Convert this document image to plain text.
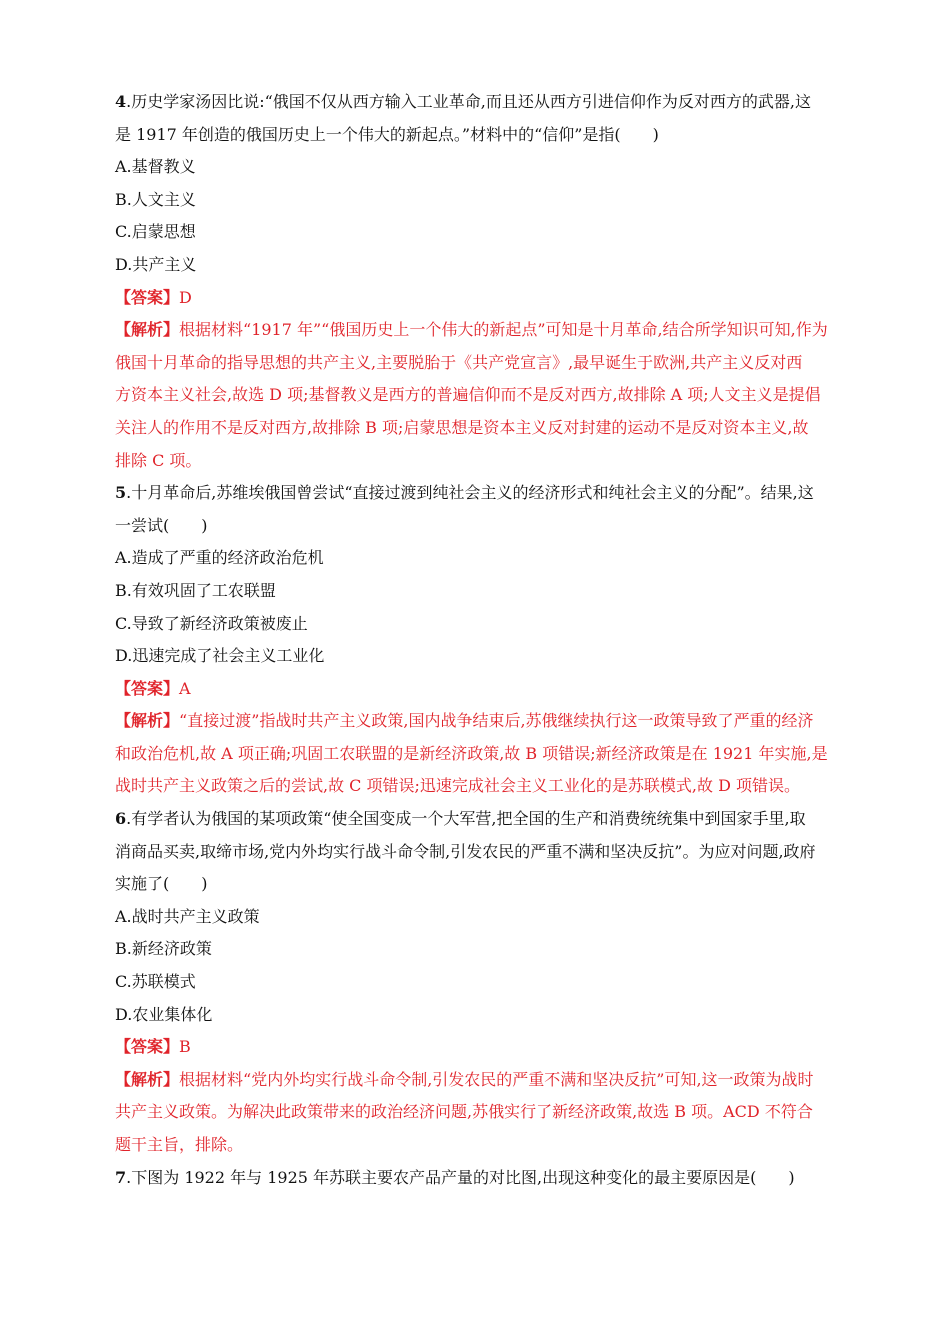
4.历史学家汤因比说:“俄国不仅从西方输入工业革命,而且还从西方引进信仰作为反对西方的武器,这
是 1917 年创造的俄国历史上一个伟大的新起点。”材料中的“信仰”是指(　　)
A.基督教义
B.人文主义
C.启蒙思想
D.共产主义
【答案】D
【解析】根据材料“1917 年”“俄国历史上一个伟大的新起点”可知是十月革命,结合所学知识可知,作为
俄国十月革命的指导思想的共产主义,主要脱胎于《共产党宣言》,最早诞生于欧洲,共产主义反对西
方资本主义社会,故选 D 项;基督教义是西方的普遍信仰而不是反对西方,故排除 A 项;人文主义是提倡
关注人的作用不是反对西方,故排除 B 项;启蒙思想是资本主义反对封建的运动不是反对资本主义,故
排除 C 项。
5.十月革命后,苏维埃俄国曾尝试“直接过渡到纯社会主义的经济形式和纯社会主义的分配”。结果,这
一尝试(　　)
A.造成了严重的经济政治危机
B.有效巩固了工农联盟
C.导致了新经济政策被废止
D.迅速完成了社会主义工业化
【答案】A
【解析】“直接过渡”指战时共产主义政策,国内战争结束后,苏俄继续执行这一政策导致了严重的经济
和政治危机,故 A 项正确;巩固工农联盟的是新经济政策,故 B 项错误;新经济政策是在 1921 年实施,是
战时共产主义政策之后的尝试,故 C 项错误;迅速完成社会主义工业化的是苏联模式,故 D 项错误。
6.有学者认为俄国的某项政策“使全国变成一个大军营,把全国的生产和消费统统集中到国家手里,取
消商品买卖,取缔市场,党内外均实行战斗命令制,引发农民的严重不满和坚决反抗”。为应对问题,政府
实施了(　　)
A.战时共产主义政策
B.新经济政策
C.苏联模式
D.农业集体化
【答案】B
【解析】根据材料“党内外均实行战斗命令制,引发农民的严重不满和坚决反抗”可知,这一政策为战时
共产主义政策。为解决此政策带来的政治经济问题,苏俄实行了新经济政策,故选 B 项。ACD 不符合
题干主旨，排除。
7.下图为 1922 年与 1925 年苏联主要农产品产量的对比图,出现这种变化的最主要原因是(　　)
